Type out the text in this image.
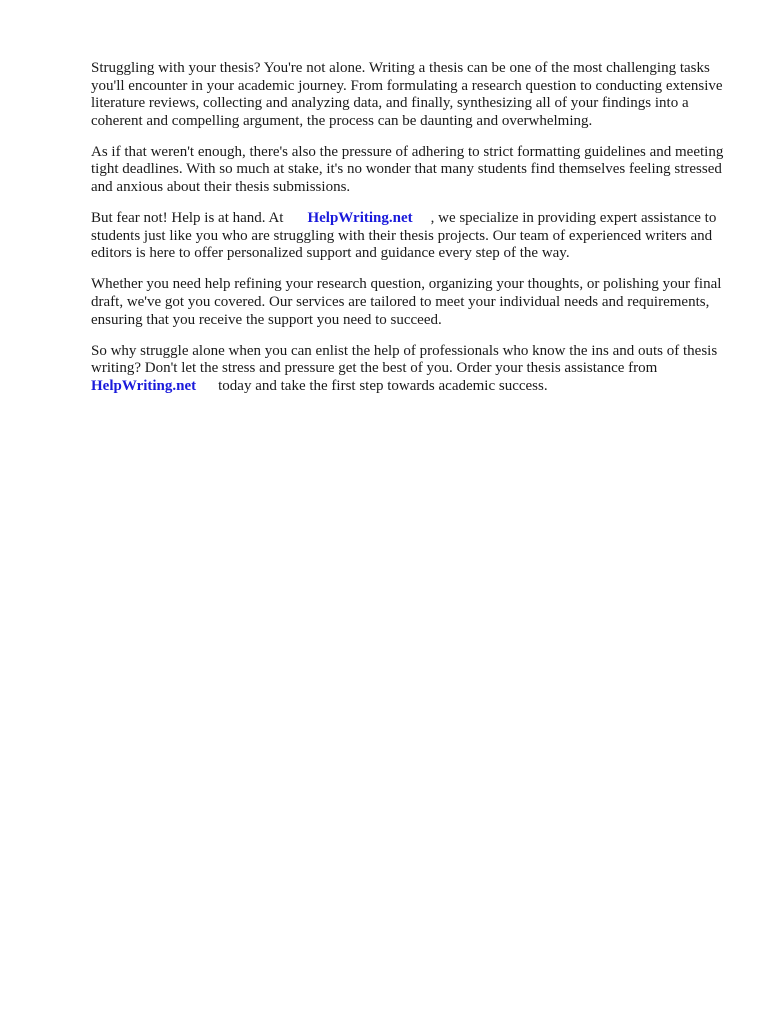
Struggling with your thesis? You're not alone. Writing a thesis can be one of the most challenging tasks you'll encounter in your academic journey. From formulating a research question to conducting extensive literature reviews, collecting and analyzing data, and finally, synthesizing all of your findings into a coherent and compelling argument, the process can be daunting and overwhelming.

As if that weren't enough, there's also the pressure of adhering to strict formatting guidelines and meeting tight deadlines. With so much at stake, it's no wonder that many students find themselves feeling stressed and anxious about their thesis submissions.

But fear not! Help is at hand. At HelpWriting.net , we specialize in providing expert assistance to students just like you who are struggling with their thesis projects. Our team of experienced writers and editors is here to offer personalized support and guidance every step of the way.

Whether you need help refining your research question, organizing your thoughts, or polishing your final draft, we've got you covered. Our services are tailored to meet your individual needs and requirements, ensuring that you receive the support you need to succeed.

So why struggle alone when you can enlist the help of professionals who know the ins and outs of thesis writing? Don't let the stress and pressure get the best of you. Order your thesis assistance from HelpWriting.net today and take the first step towards academic success.
